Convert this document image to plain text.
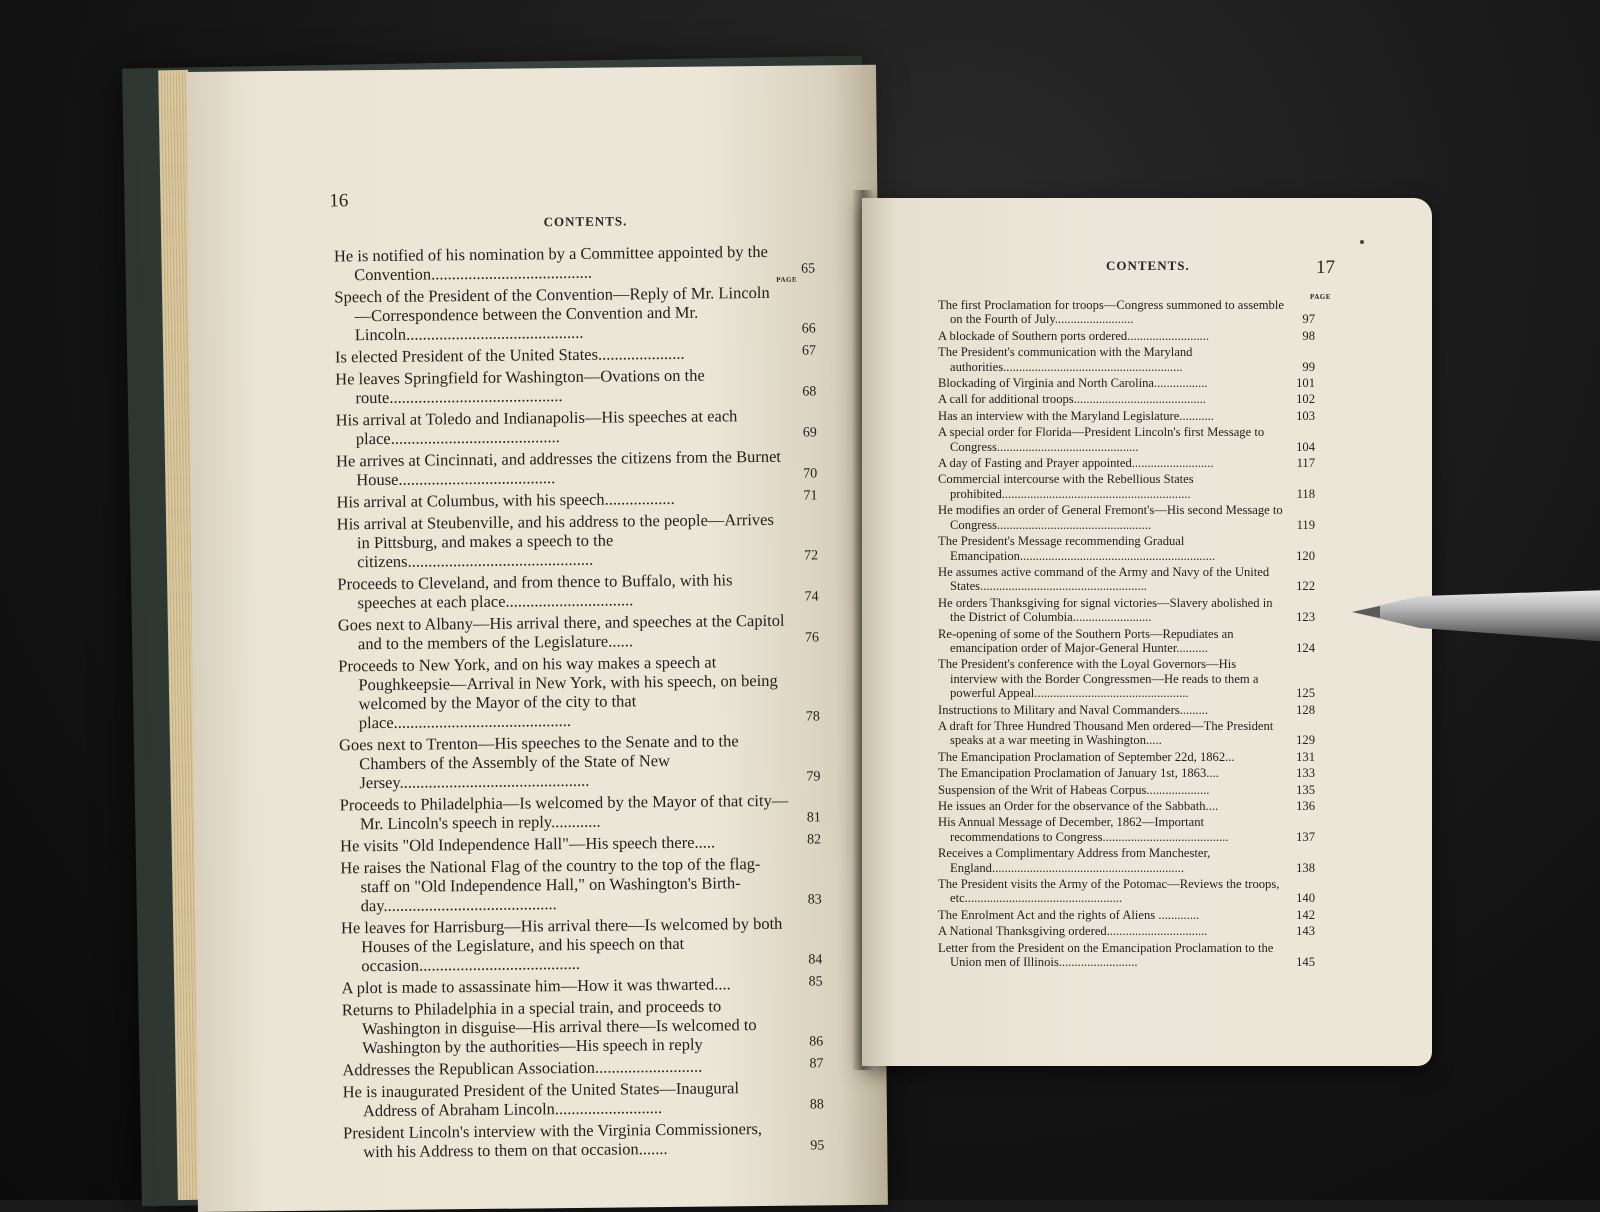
16
CONTENTS.
PAGE
He is notified of his nomination by a Committee appointed by the Convention.......................................	65
Speech of the President of the Convention—Reply of Mr. Lincoln—Correspondence between the Convention and Mr. Lincoln...........................................	66
Is elected President of the United States.....................	67
He leaves Springfield for Washington—Ovations on the route..........................................	68
His arrival at Toledo and Indianapolis—His speeches at each place.........................................	69
He arrives at Cincinnati, and addresses the citizens from the Burnet House......................................	70
His arrival at Columbus, with his speech.................	71
His arrival at Steubenville, and his address to the people—Arrives in Pittsburg, and makes a speech to the citizens.............................................	72
Proceeds to Cleveland, and from thence to Buffalo, with his speeches at each place...............................	74
Goes next to Albany—His arrival there, and speeches at the Capitol and to the members of the Legislature......	76
Proceeds to New York, and on his way makes a speech at Poughkeepsie—Arrival in New York, with his speech, on being welcomed by the Mayor of the city to that place...........................................	78
Goes next to Trenton—His speeches to the Senate and to the Chambers of the Assembly of the State of New Jersey..............................................	79
Proceeds to Philadelphia—Is welcomed by the Mayor of that city—Mr. Lincoln's speech in reply............	81
He visits "Old Independence Hall"—His speech there.....	82
He raises the National Flag of the country to the top of the flag-staff on "Old Independence Hall," on Washington's Birth-day..........................................	83
He leaves for Harrisburg—His arrival there—Is welcomed by both Houses of the Legislature, and his speech on that occasion.......................................	84
A plot is made to assassinate him—How it was thwarted....	85
Returns to Philadelphia in a special train, and proceeds to Washington in disguise—His arrival there—Is welcomed to Washington by the authorities—His speech in reply	86
Addresses the Republican Association..........................	87
He is inaugurated President of the United States—Inaugural Address of Abraham Lincoln..........................	88
President Lincoln's interview with the Virginia Commissioners, with his Address to them on that occasion.......	95
CONTENTS.	17
PAGE
The first Proclamation for troops—Congress summoned to assemble on the Fourth of July.........................	97
A blockade of Southern ports ordered..........................	98
The President's communication with the Maryland authorities.........................................................	99
Blockading of Virginia and North Carolina.................	101
A call for additional troops..........................................	102
Has an interview with the Maryland Legislature...........	103
A special order for Florida—President Lincoln's first Message to Congress.............................................	104
A day of Fasting and Prayer appointed..........................	117
Commercial intercourse with the Rebellious States prohibited............................................................	118
He modifies an order of General Fremont's—His second Message to Congress.................................................	119
The President's Message recommending Gradual Emancipation..............................................................	120
He assumes active command of the Army and Navy of the United States.....................................................	122
He orders Thanksgiving for signal victories—Slavery abolished in the District of Columbia.........................	123
Re-opening of some of the Southern Ports—Repudiates an emancipation order of Major-General Hunter..........	124
The President's conference with the Loyal Governors—His interview with the Border Congressmen—He reads to them a powerful Appeal.................................................	125
Instructions to Military and Naval Commanders.........	128
A draft for Three Hundred Thousand Men ordered—The President speaks at a war meeting in Washington.....	129
The Emancipation Proclamation of September 22d, 1862...	131
The Emancipation Proclamation of January 1st, 1863....	133
Suspension of the Writ of Habeas Corpus....................	135
He issues an Order for the observance of the Sabbath....	136
His Annual Message of December, 1862—Important recommendations to Congress........................................	137
Receives a Complimentary Address from Manchester, England.............................................................	138
The President visits the Army of the Potomac—Reviews the troops, etc..................................................	140
The Enrolment Act and the rights of Aliens .............	142
A National Thanksgiving ordered................................	143
Letter from the President on the Emancipation Proclamation to the Union men of Illinois.........................	145
